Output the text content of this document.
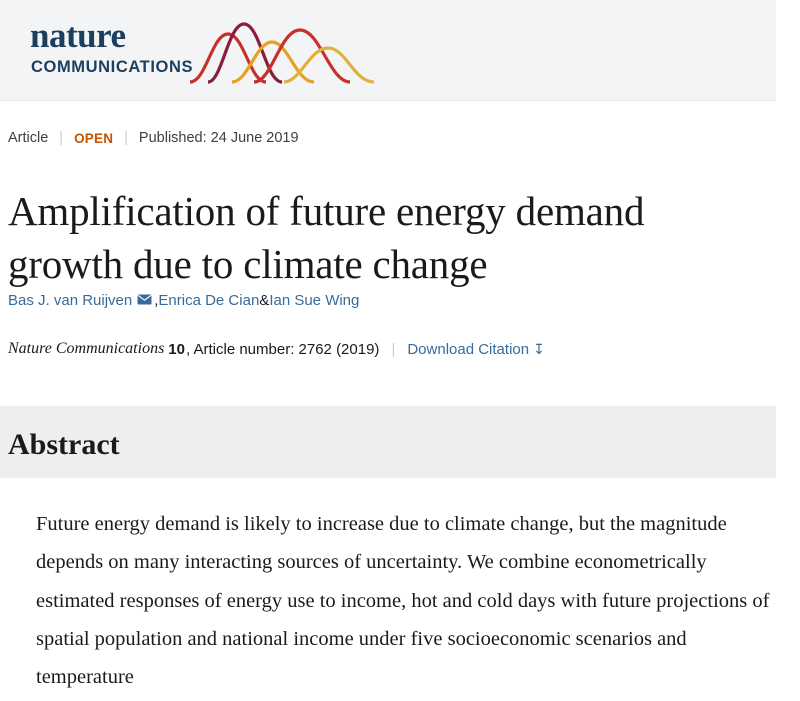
nature
COMMUNICATIONS
Article | OPEN | Published: 24 June 2019
Amplification of future energy demand growth due to climate change
Bas J. van Ruijven , Enrica De Cian & Ian Sue Wing
Nature Communications 10 , Article number: 2762 (2019) | Download Citation ↧
Abstract
Future energy demand is likely to increase due to climate change, but the magnitude depends on many interacting sources of uncertainty. We combine econometrically estimated responses of energy use to income, hot and cold days with future projections of spatial population and national income under five socioeconomic scenarios and temperature
